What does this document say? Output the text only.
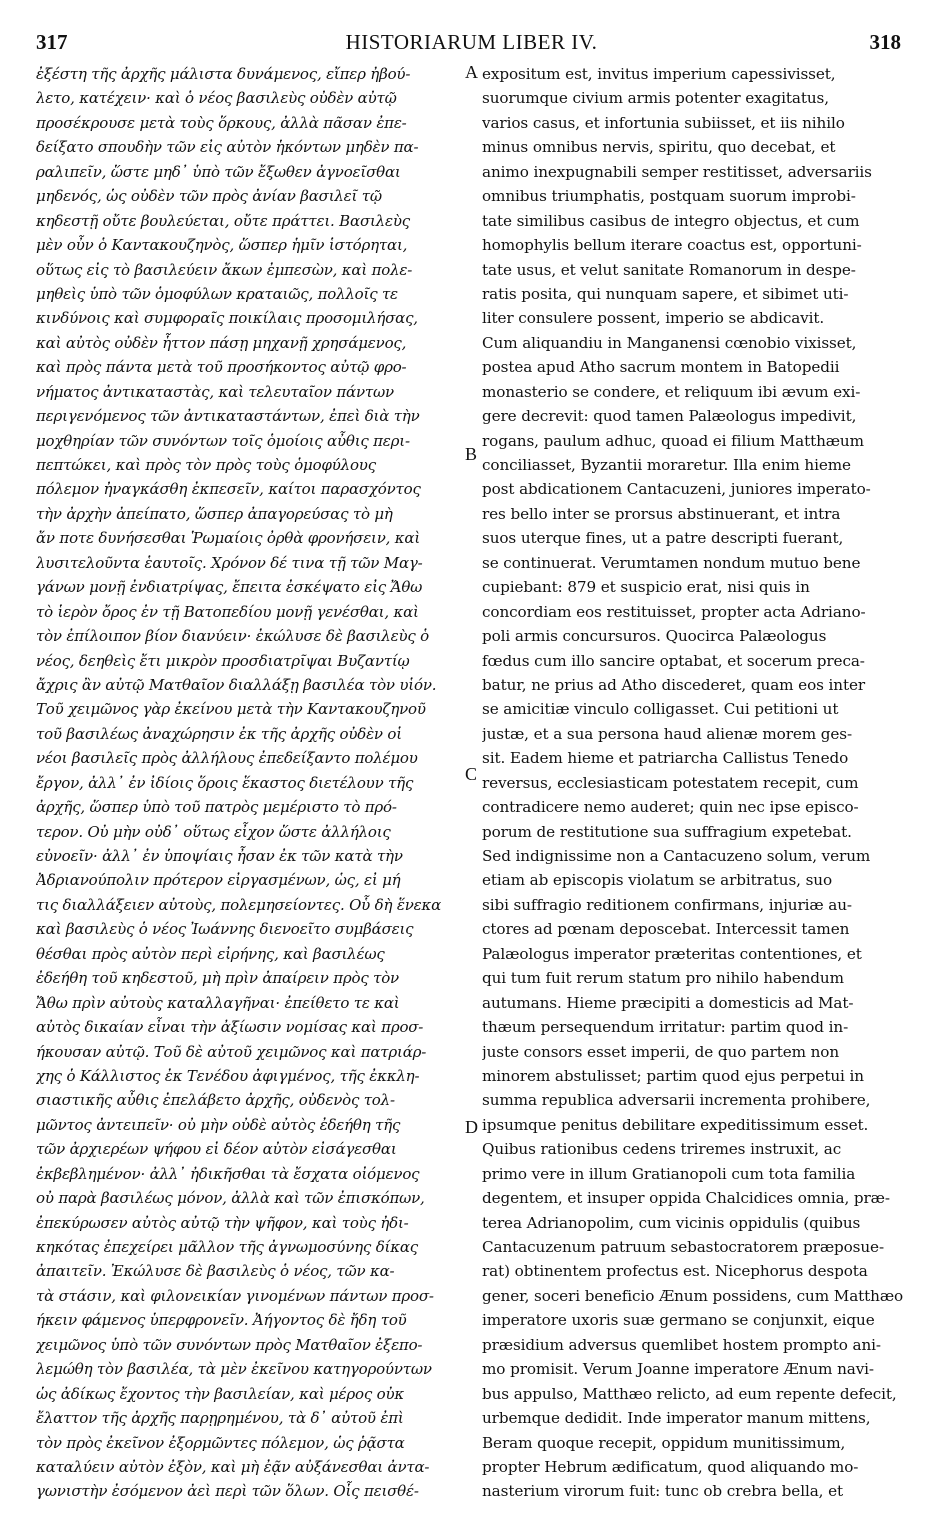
317	HISTORIARUM LIBER IV.	318
ἐξέστη τῆς ἀρχῆς μάλιστα δυνάμενος, εἴπερ ἠβού-
λετο, κατέχειν· καὶ ὁ νέος βασιλεὺς οὐδὲν αὐτῷ
προσέκρουσε μετὰ τοὺς ὅρκους, ἀλλὰ πᾶσαν ἐπε-
δείξατο σπουδὴν τῶν εἰς αὐτὸν ἡκόντων μηδὲν πα-
ραλιπεῖν, ὥστε μηδ᾿ ὑπὸ τῶν ἔξωθεν ἀγνοεῖσθαι
μηδενός, ὡς οὐδὲν τῶν πρὸς ἀνίαν βασιλεῖ τῷ
κηδεστῇ οὔτε βουλεύεται, οὔτε πράττει. Βασιλεὺς
μὲν οὖν ὁ Καντακουζηνὸς, ὥσπερ ἡμῖν ἱστόρηται,
οὕτως εἰς τὸ βασιλεύειν ἄκων ἐμπεσὼν, καὶ πολε-
μηθεὶς ὑπὸ τῶν ὁμοφύλων κραταιῶς, πολλοῖς τε
κινδύνοις καὶ συμφοραῖς ποικίλαις προσομιλήσας,
καὶ αὐτὸς οὐδὲν ἧττον πάσῃ μηχανῇ χρησάμενος,
καὶ πρὸς πάντα μετὰ τοῦ προσήκοντος αὐτῷ φρο-
νήματος ἀντικαταστὰς, καὶ τελευταῖον πάντων
περιγενόμενος τῶν ἀντικαταστάντων, ἐπεὶ διὰ τὴν
μοχθηρίαν τῶν συνόντων τοῖς ὁμοίοις αὖθις περι-
πεπτώκει, καὶ πρὸς τὸν πρὸς τοὺς ὁμοφύλους
πόλεμον ἠναγκάσθη ἐκπεσεῖν, καίτοι παρασχόντος
τὴν ἀρχὴν ἀπείπατο, ὥσπερ ἀπαγορεύσας τὸ μὴ
ἄν ποτε δυνήσεσθαι Ῥωμαίοις ὀρθὰ φρονήσειν, καὶ
λυσιτελοῦντα ἑαυτοῖς. Χρόνον δέ τινα τῇ τῶν Μαγ-
γάνων μονῇ ἐνδιατρίψας, ἔπειτα ἐσκέψατο εἰς Ἄθω
τὸ ἱερὸν ὄρος ἐν τῇ Βατοπεδίου μονῇ γενέσθαι, καὶ
τὸν ἐπίλοιπον βίον διανύειν· ἐκώλυσε δὲ βασιλεὺς ὁ
νέος, δεηθεὶς ἔτι μικρὸν προσδιατρῖψαι Βυζαντίῳ
ἄχρις ἂν αὐτῷ Ματθαῖον διαλλάξῃ βασιλέα τὸν υἱόν.
Τοῦ χειμῶνος γὰρ ἐκείνου μετὰ τὴν Καντακουζηνοῦ
τοῦ βασιλέως ἀναχώρησιν ἐκ τῆς ἀρχῆς οὐδὲν οἱ
νέοι βασιλεῖς πρὸς ἀλλήλους ἐπεδείξαντο πολέμου
ἔργον, ἀλλ᾿ ἐν ἰδίοις ὅροις ἕκαστος διετέλουν τῆς
ἀρχῆς, ὥσπερ ὑπὸ τοῦ πατρὸς μεμέριστο τὸ πρό-
τερον. Οὐ μὴν οὐδ᾿ οὕτως εἶχον ὥστε ἀλλήλοις
εὐνοεῖν· ἀλλ᾿ ἐν ὑποψίαις ἦσαν ἐκ τῶν κατὰ τὴν
Ἀδριανούπολιν πρότερον εἰργασμένων, ὡς, εἰ μή
τις διαλλάξειεν αὐτοὺς, πολεμησείοντες. Οὗ δὴ ἕνεκα
καὶ βασιλεὺς ὁ νέος Ἰωάννης διενοεῖτο συμβάσεις
θέσθαι πρὸς αὐτὸν περὶ εἰρήνης, καὶ βασιλέως
ἐδεήθη τοῦ κηδεστοῦ, μὴ πρὶν ἀπαίρειν πρὸς τὸν
Ἄθω πρὶν αὐτοὺς καταλλαγῆναι· ἐπείθετο τε καὶ
αὐτὸς δικαίαν εἶναι τὴν ἀξίωσιν νομίσας καὶ προσ-
ήκουσαν αὐτῷ. Τοῦ δὲ αὐτοῦ χειμῶνος καὶ πατριάρ-
χης ὁ Κάλλιστος ἐκ Τενέδου ἀφιγμένος, τῆς ἐκκλη-
σιαστικῆς αὖθις ἐπελάβετο ἀρχῆς, οὐδενὸς τολ-
μῶντος ἀντειπεῖν· οὐ μὴν οὐδὲ αὐτὸς ἐδεήθη τῆς
τῶν ἀρχιερέων ψήφου εἰ δέον αὐτὸν εἰσάγεσθαι
ἐκβεβλημένον· ἀλλ᾿ ἠδικῆσθαι τὰ ἔσχατα οἰόμενος
οὐ παρὰ βασιλέως μόνον, ἀλλὰ καὶ τῶν ἐπισκόπων,
ἐπεκύρωσεν αὐτὸς αὐτῷ τὴν ψῆφον, καὶ τοὺς ἠδι-
κηκότας ἐπεχείρει μᾶλλον τῆς ἀγνωμοσύνης δίκας
ἀπαιτεῖν. Ἐκώλυσε δὲ βασιλεὺς ὁ νέος, τῶν κα-
τὰ στάσιν, καὶ φιλονεικίαν γινομένων πάντων προσ-
ήκειν φάμενος ὑπερφρονεῖν. Ἀήγοντος δὲ ἤδη τοῦ
χειμῶνος ὑπὸ τῶν συνόντων πρὸς Ματθαῖον ἐξεπο-
λεμώθη τὸν βασιλέα, τὰ μὲν ἐκεῖνου κατηγορούντων
ὡς ἀδίκως ἔχοντος τὴν βασιλείαν, καὶ μέρος οὐκ
ἔλαττον τῆς ἀρχῆς παρῃρημένου, τὰ δ᾿ αὐτοῦ ἐπὶ
τὸν πρὸς ἐκεῖνον ἐξορμῶντες πόλεμον, ὡς ῥᾷστα
καταλύειν αὐτὸν ἐξὸν, καὶ μὴ ἐᾷν αὐξάνεσθαι ἀντα-
γωνιστὴν ἐσόμενον ἀεὶ περὶ τῶν ὅλων. Οἷς πεισθέ-
expositum est, invitus imperium capessivisset,
suorumque civium armis potenter exagitatus,
varios casus, et infortunia subiisset, et iis nihilo
minus omnibus nervis, spiritu, quo decebat, et
animo inexpugnabili semper restitisset, adversariis
omnibus triumphatis, postquam suorum improbi-
tate similibus casibus de integro objectus, et cum
homophylis bellum iterare coactus est, opportuni-
tate usus, et velut sanitate Romanorum in despe-
ratis posita, qui nunquam sapere, et sibimet uti-
liter consulere possent, imperio se abdicavit.
Cum aliquandiu in Manganensi cœnobio vixisset,
postea apud Atho sacrum montem in Batopedii
monasterio se condere, et reliquum ibi ævum exi-
gere decrevit: quod tamen Palæologus impedivit,
rogans, paulum adhuc, quoad ei filium Matthæum
conciliasset, Byzantii moraretur. Illa enim hieme
post abdicationem Cantacuzeni, juniores imperato-
res bello inter se prorsus abstinuerant, et intra
suos uterque fines, ut a patre descripti fuerant,
se continuerat. Verumtamen nondum mutuo bene
cupiebant: 879 et suspicio erat, nisi quis in
concordiam eos restituisset, propter acta Adriano-
poli armis concursuros. Quocirca Palæologus
fœdus cum illo sancire optabat, et socerum preca-
batur, ne prius ad Atho discederet, quam eos inter
se amicitiæ vinculo colligasset. Cui petitioni ut
justæ, et a sua persona haud alienæ morem ges-
sit. Eadem hieme et patriarcha Callistus Tenedo
reversus, ecclesiasticam potestatem recepit, cum
contradicere nemo auderet; quin nec ipse episco-
porum de restitutione sua suffragium expetebat.
Sed indignissime non a Cantacuzeno solum, verum
etiam ab episcopis violatum se arbitratus, suo
sibi suffragio reditionem confirmans, injuriæ au-
ctores ad pœnam deposcebat. Intercessit tamen
Palæologus imperator præteritas contentiones, et
qui tum fuit rerum statum pro nihilo habendum
autumans. Hieme præcipiti a domesticis ad Mat-
thæum persequendum irritatur: partim quod in-
juste consors esset imperii, de quo partem non
minorem abstulisset; partim quod ejus perpetui in
summa republica adversarii incrementa prohibere,
ipsumque penitus debilitare expeditissimum esset.
Quibus rationibus cedens triremes instruxit, ac
primo vere in illum Gratianopoli cum tota familia
degentem, et insuper oppida Chalcidices omnia, præ-
terea Adrianopolim, cum vicinis oppidulis (quibus
Cantacuzenum patruum sebastocratorem præposue-
rat) obtinentem profectus est. Nicephorus despota
gener, soceri beneficio Ænum possidens, cum Matthæo
imperatore uxoris suæ germano se conjunxit, eique
præsidium adversus quemlibet hostem prompto ani-
mo promisit. Verum Joanne imperatore Ænum navi-
bus appulso, Matthæo relicto, ad eum repente defecit,
urbemque dedidit. Inde imperator manum mittens,
Beram quoque recepit, oppidum munitissimum,
propter Hebrum ædificatum, quod aliquando mo-
nasterium virorum fuit: tunc ob crebra bella, et
A
B
C
D
